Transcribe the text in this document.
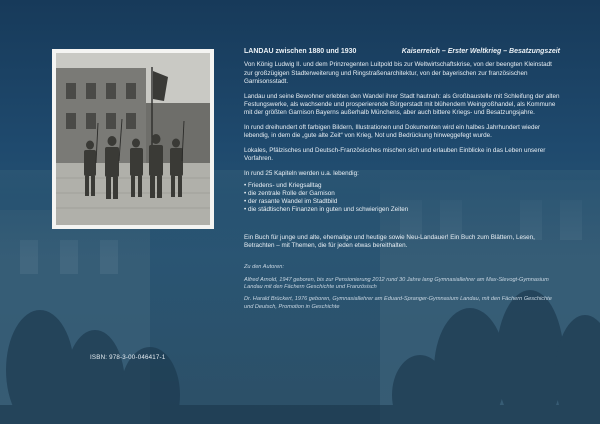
ISBN: 978-3-00-046417-1
LANDAU zwischen 1880 und 1930	Kaiserreich – Erster Weltkrieg – Besatzungszeit

Von König Ludwig II. und dem Prinzregenten Luitpold bis zur Weltwirtschaftskrise, von der beengten Kleinstadt zur großzügigen Stadterweiterung und Ringstraßenarchitektur, von der bayerischen zur französischen Garnisonsstadt.

Landau und seine Bewohner erlebten den Wandel ihrer Stadt hautnah: als Großbaustelle mit Schleifung der alten Festungswerke, als wachsende und prosperierende Bürgerstadt mit blühendem Weingroßhandel, als Kommune mit der größten Garnison Bayerns außerhalb Münchens, aber auch bittere Kriegs- und Besatzungsjahre.

In rund dreihundert oft farbigen Bildern, Illustrationen und Dokumenten wird ein halbes Jahrhundert wieder lebendig, in dem die „gute alte Zeit“ von Krieg, Not und Bedrückung hinweggefegt wurde.

Lokales, Pfälzisches und Deutsch-Französisches mischen sich und erlauben Einblicke in das Leben unserer Vorfahren.

In rund 25 Kapiteln werden u.a. lebendig:

• Friedens- und Kriegsalltag
• die zentrale Rolle der Garnison
• der rasante Wandel im Stadtbild
• die städtischen Finanzen in guten und schwierigen Zeiten

Ein Buch für junge und alte, ehemalige und heutige sowie Neu-Landauer! Ein Buch zum Blättern, Lesen, Betrachten – mit Themen, die für jeden etwas bereithalten.

Zu den Autoren:

Alfred Arnold, 1947 geboren, bis zur Pensionierung 2012 rund 30 Jahre lang Gymnasiallehrer am Max-Slevogt-Gymnasium Landau mit den Fächern Geschichte und Französisch

Dr. Harald Brückert, 1976 geboren, Gymnasiallehrer am Eduard-Spranger-Gymnasium Landau, mit den Fächern Geschichte und Deutsch, Promotion in Geschichte
